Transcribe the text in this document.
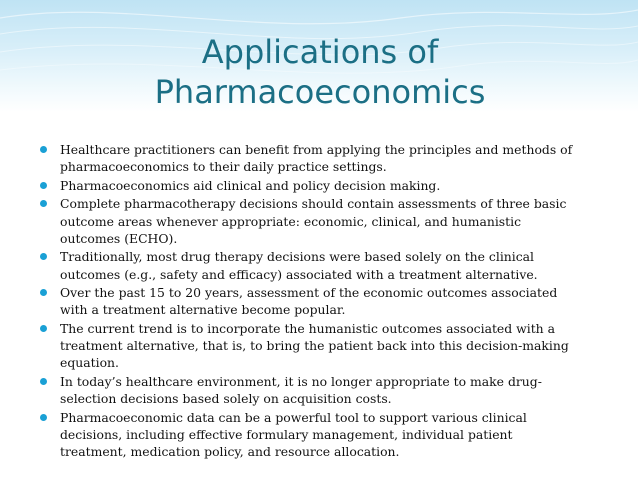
Applications of
Pharmacoeconomics
Healthcare practitioners can benefit from applying the principles and methods of pharmacoeconomics to their daily practice settings.
Pharmacoeconomics aid clinical and policy decision making.
Complete pharmacotherapy decisions should contain assessments of three basic outcome areas whenever appropriate: economic, clinical, and humanistic outcomes (ECHO).
Traditionally, most drug therapy decisions were based solely on the clinical outcomes (e.g., safety and efficacy) associated with a treatment alternative.
Over the past 15 to 20 years, assessment of the economic outcomes associated with a treatment alternative become popular.
The current trend is to incorporate the humanistic outcomes associated with a treatment alternative, that is, to bring the patient back into this decision-making equation.
In today’s healthcare environment, it is no longer appropriate to make drug-selection decisions based solely on acquisition costs.
Pharmacoeconomic data can be a powerful tool to support various clinical decisions, including effective formulary management, individual patient treatment, medication policy, and resource allocation.
